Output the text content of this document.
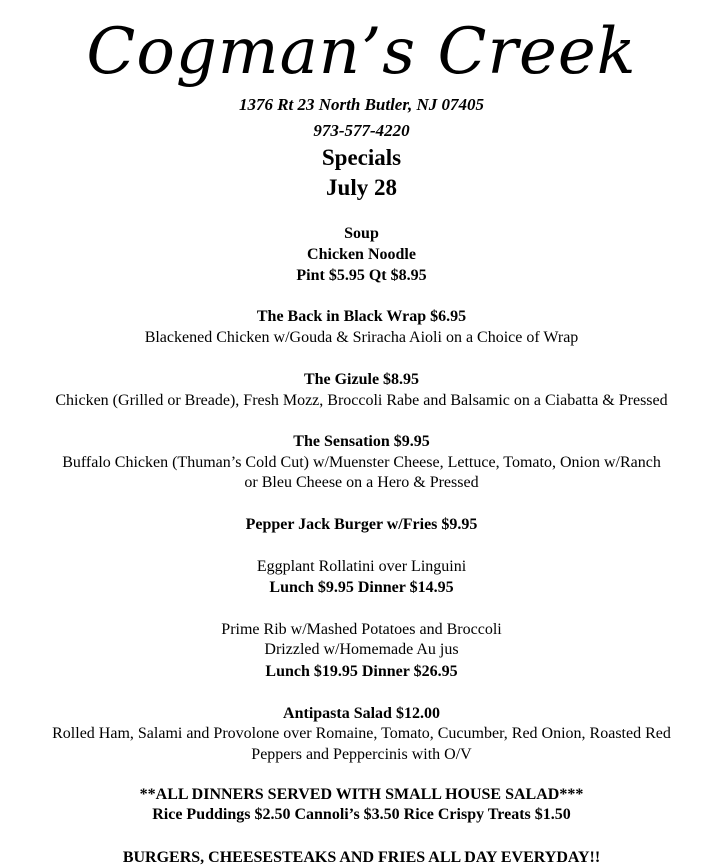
Cogman’s Creek
1376 Rt 23 North Butler, NJ 07405
973-577-4220
Specials
July 28
Soup
Chicken Noodle
Pint $5.95 Qt $8.95
The Back in Black Wrap $6.95
Blackened Chicken w/Gouda & Sriracha Aioli on a Choice of Wrap
The Gizule $8.95
Chicken (Grilled or Breade), Fresh Mozz, Broccoli Rabe and Balsamic on a Ciabatta & Pressed
The Sensation $9.95
Buffalo Chicken (Thuman’s Cold Cut) w/Muenster Cheese, Lettuce, Tomato, Onion w/Ranch
or Bleu Cheese on a Hero & Pressed
Pepper Jack Burger w/Fries $9.95
Eggplant Rollatini over Linguini
Lunch $9.95 Dinner $14.95
Prime Rib w/Mashed Potatoes and Broccoli
Drizzled w/Homemade Au jus
Lunch $19.95 Dinner $26.95
Antipasta Salad $12.00
Rolled Ham, Salami and Provolone over Romaine, Tomato, Cucumber, Red Onion, Roasted Red
Peppers and Peppercinis with O/V
**ALL DINNERS SERVED WITH SMALL HOUSE SALAD***
Rice Puddings $2.50 Cannoli’s $3.50 Rice Crispy Treats $1.50
BURGERS, CHEESESTEAKS AND FRIES ALL DAY EVERYDAY!!
